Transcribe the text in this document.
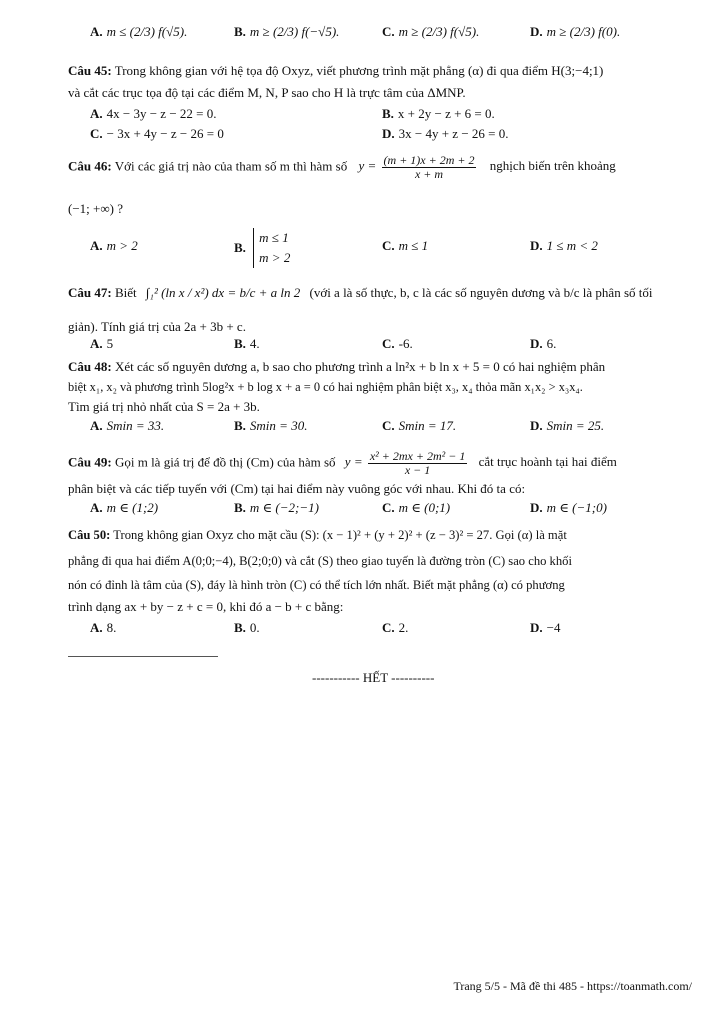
A. m ≤ (2/3) f(√5).	B. m ≥ (2/3) f(−√5).	C. m ≥ (2/3) f(√5).	D. m ≥ (2/3) f(0).
Câu 45: Trong không gian với hệ tọa độ Oxyz, viết phương trình mặt phẳng (α) đi qua điểm H(3;−4;1)
và cắt các trục tọa độ tại các điểm M, N, P sao cho H là trực tâm của ΔMNP.
A. 4x − 3y − z − 22 = 0.	B. x + 2y − z + 6 = 0.
C. − 3x + 4y − z − 26 = 0	D. 3x − 4y + z − 26 = 0.
Câu 46: Với các giá trị nào của tham số m thì hàm số $y = \frac{(m + 1)x + 2m + 2}{x + m}$ nghịch biến trên khoảng
(−1; +∞) ?
A. m > 2	B.
m ≤ 1
m > 2
C. m ≤ 1	D. 1 ≤ m < 2
Câu 47: Biết ∫₁² (ln x / x²) dx = b/c + a ln 2 (với a là số thực, b, c là các số nguyên dương và b/c là phân số tối
giản). Tính giá trị của 2a + 3b + c.
A. 5	B. 4.	C. -6.	D. 6.
Câu 48: Xét các số nguyên dương a, b sao cho phương trình a ln²x + b ln x + 5 = 0 có hai nghiệm phân
biệt x₁, x₂ và phương trình 5log²x + b log x + a = 0 có hai nghiệm phân biệt x₃, x₄ thỏa mãn x₁x₂ > x₃x₄.
Tìm giá trị nhỏ nhất của S = 2a + 3b.
A. Smin = 33.	B. Smin = 30.	C. Smin = 17.	D. Smin = 25.
Câu 49: Gọi m là giá trị để đồ thị (Cm) của hàm số $y = \frac{\text{x² + 2mx + 2m² − 1}}{x - 1}$ cắt trục hoành tại hai điểm
phân biệt và các tiếp tuyến với (Cm) tại hai điểm này vuông góc với nhau. Khi đó ta có:
A. m ∈ (1;2)	B. m ∈ (−2;−1)	C. m ∈ (0;1)	D. m ∈ (−1;0)
Câu 50: Trong không gian Oxyz cho mặt cầu (S): (x − 1)² + (y + 2)² + (z − 3)² = 27. Gọi (α) là mặt
phẳng đi qua hai điểm A(0;0;−4), B(2;0;0) và cắt (S) theo giao tuyến là đường tròn (C) sao cho khối
nón có đỉnh là tâm của (S), đáy là hình tròn (C) có thể tích lớn nhất. Biết mặt phẳng (α) có phương
trình dạng ax + by − z + c = 0, khi đó a − b + c bằng:
A. 8.	B. 0.	C. 2.	D. −4
----------- HẾT ----------
Trang 5/5 - Mã đề thi 485 - https://toanmath.com/
